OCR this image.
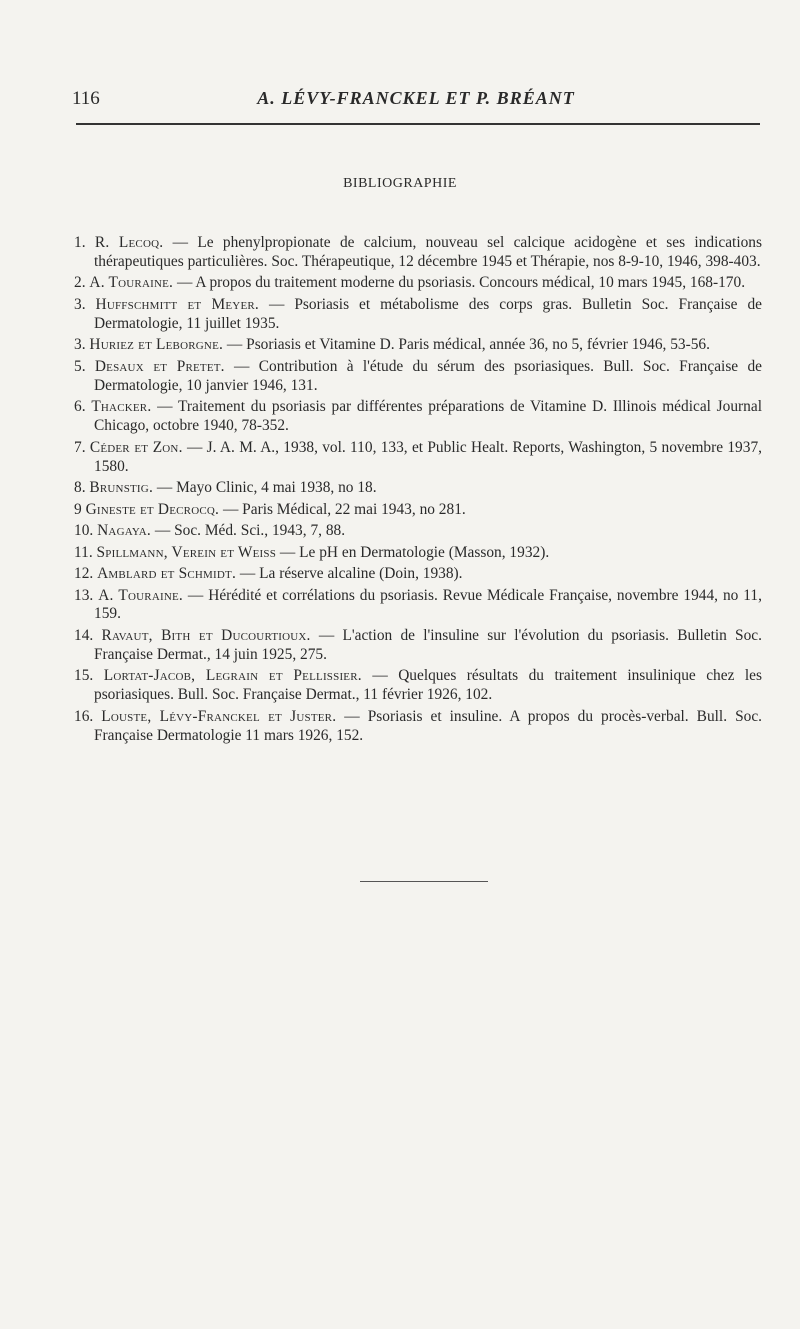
116	A. LÉVY-FRANCKEL ET P. BRÉANT
BIBLIOGRAPHIE

1. R. Lecoq. — Le phenylpropionate de calcium, nouveau sel calcique acidogène et ses indications thérapeutiques particulières. Soc. Thérapeutique, 12 décembre 1945 et Thérapie, nos 8-9-10, 1946, 398-403.

2. A. Touraine. — A propos du traitement moderne du psoriasis. Concours médical, 10 mars 1945, 168-170.

3. Huffschmitt et Meyer. — Psoriasis et métabolisme des corps gras. Bulletin Soc. Française de Dermatologie, 11 juillet 1935.

3. Huriez et Leborgne. — Psoriasis et Vitamine D. Paris médical, année 36, no 5, février 1946, 53-56.

5. Desaux et Pretet. — Contribution à l'étude du sérum des psoriasiques. Bull. Soc. Française de Dermatologie, 10 janvier 1946, 131.

6. Thacker. — Traitement du psoriasis par différentes préparations de Vitamine D. Illinois médical Journal Chicago, octobre 1940, 78-352.

7. Céder et Zon. — J. A. M. A., 1938, vol. 110, 133, et Public Healt. Reports, Washington, 5 novembre 1937, 1580.

8. Brunstig. — Mayo Clinic, 4 mai 1938, no 18.

9 Gineste et Decrocq. — Paris Médical, 22 mai 1943, no 281.

10. Nagaya. — Soc. Méd. Sci., 1943, 7, 88.

11. Spillmann, Verein et Weiss — Le pH en Dermatologie (Masson, 1932).

12. Amblard et Schmidt. — La réserve alcaline (Doin, 1938).

13. A. Touraine. — Hérédité et corrélations du psoriasis. Revue Médicale Française, novembre 1944, no 11, 159.

14. Ravaut, Bith et Ducourtioux. — L'action de l'insuline sur l'évolution du psoriasis. Bulletin Soc. Française Dermat., 14 juin 1925, 275.

15. Lortat-Jacob, Legrain et Pellissier. — Quelques résultats du traitement insulinique chez les psoriasiques. Bull. Soc. Française Dermat., 11 février 1926, 102.

16. Louste, Lévy-Franckel et Juster. — Psoriasis et insuline. A propos du procès-verbal. Bull. Soc. Française Dermatologie 11 mars 1926, 152.
